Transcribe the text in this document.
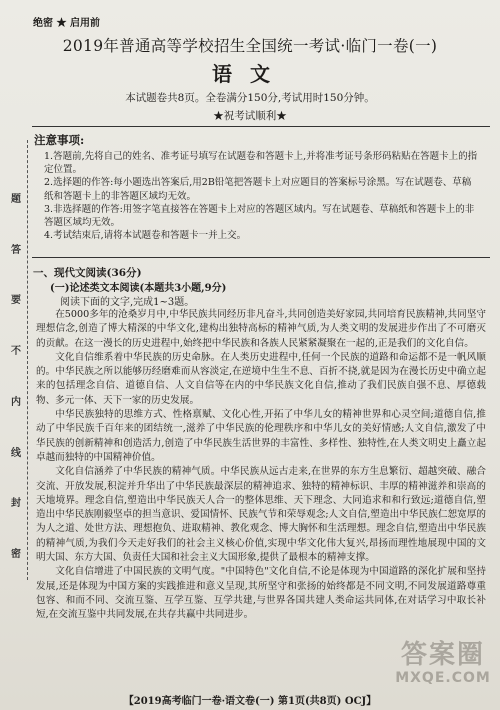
绝密 ★ 启用前
2019年普通高等学校招生全国统一考试·临门一卷(一)
语文
本试题卷共8页。全卷满分150分,考试用时150分钟。
★祝考试顺利★
注意事项:

1.答题前,先将自己的姓名、准考证号填写在试题卷和答题卡上,并将准考证号条形码粘贴在答题卡上的指定位置。

2.选择题的作答:每小题选出答案后,用2B铅笔把答题卡上对应题目的答案标号涂黑。写在试题卷、草稿纸和答题卡上的非答题区域均无效。

3.非选择题的作答:用签字笔直接答在答题卡上对应的答题区域内。写在试题卷、草稿纸和答题卡上的非答题区域均无效。

4.考试结束后,请将本试题卷和答题卡一并上交。

题
答
要
不
内
线
封
密
一、现代文阅读(36分)
(一)论述类文本阅读(本题共3小题,9分)
阅读下面的文字,完成1~3题。

在5000多年的沧桑岁月中,中华民族共同经历非凡奋斗,共同创造美好家园,共同培育民族精神,共同坚守理想信念,创造了博大精深的中华文化,建构出独特高标的精神气质,为人类文明的发展进步作出了不可磨灭的贡献。在这一漫长的历史进程中,始终把中华民族和各族人民紧紧凝聚在一起的,正是我们的文化自信。

文化自信维系着中华民族的历史命脉。在人类历史进程中,任何一个民族的道路和命运都不是一帆风顺的。中华民族之所以能够历经磨难而从容淡定,在逆境中生生不息、百折不挠,就是因为在漫长历史中确立起来的包括理念自信、道德自信、人文自信等在内的中华民族文化自信,推动了我们民族自强不息、厚德载物、多元一体、天下一家的历史发展。

中华民族独特的思维方式、性格禀赋、文化心性,开拓了中华儿女的精神世界和心灵空间;道德自信,推动了中华民族千百年来的团结统一,滋养了中华民族的伦理秩序和中华儿女的美好情感;人文自信,激发了中华民族的创新精神和创造活力,创造了中华民族生活世界的丰富性、多样性、独特性,在人类文明史上矗立起卓越而独特的中国精神价值。

文化自信涵养了中华民族的精神气质。中华民族从远古走来,在世界的东方生息繁衍、超越突破、融合交流、开放发展,积淀并升华出了中华民族最深层的精神追求、独特的精神标识、丰厚的精神滋养和崇高的天地境界。理念自信,塑造出中华民族天人合一的整体思维、天下理念、大同追求和和行致远;道德自信,塑造出中华民族刚毅坚卓的担当意识、爱国情怀、民族气节和荣辱观念;人文自信,塑造出中华民族仁恕宽厚的为人之道、处世方法、理想抱负、进取精神、教化观念、博大胸怀和生活理想。理念自信,塑造出中华民族的精神气质,为我们今天走好我们的社会主义核心价值,实现中华文化伟大复兴,昂扬而理性地展现中国的文明大国、东方大国、负责任大国和社会主义大国形象,提供了最根本的精神支撑。

文化自信增进了中国民族的文明气度。"中国特色"文化自信,不论是体现为中国道路的深化扩展和坚持发展,还是体现为中国方案的实践推进和意义呈现,其所坚守和张扬的始终都是不同文明,不同发展道路尊重包容、和而不同、交流互鉴、互学互鉴、互学共建,与世界各国共建人类命运共同体,在对话学习中取长补短,在交流互鉴中共同发展,在共存共赢中共同进步。

【2019高考临门一卷·语文卷(一) 第1页(共8页) OCJ】
答案圈
MXQE.COM
